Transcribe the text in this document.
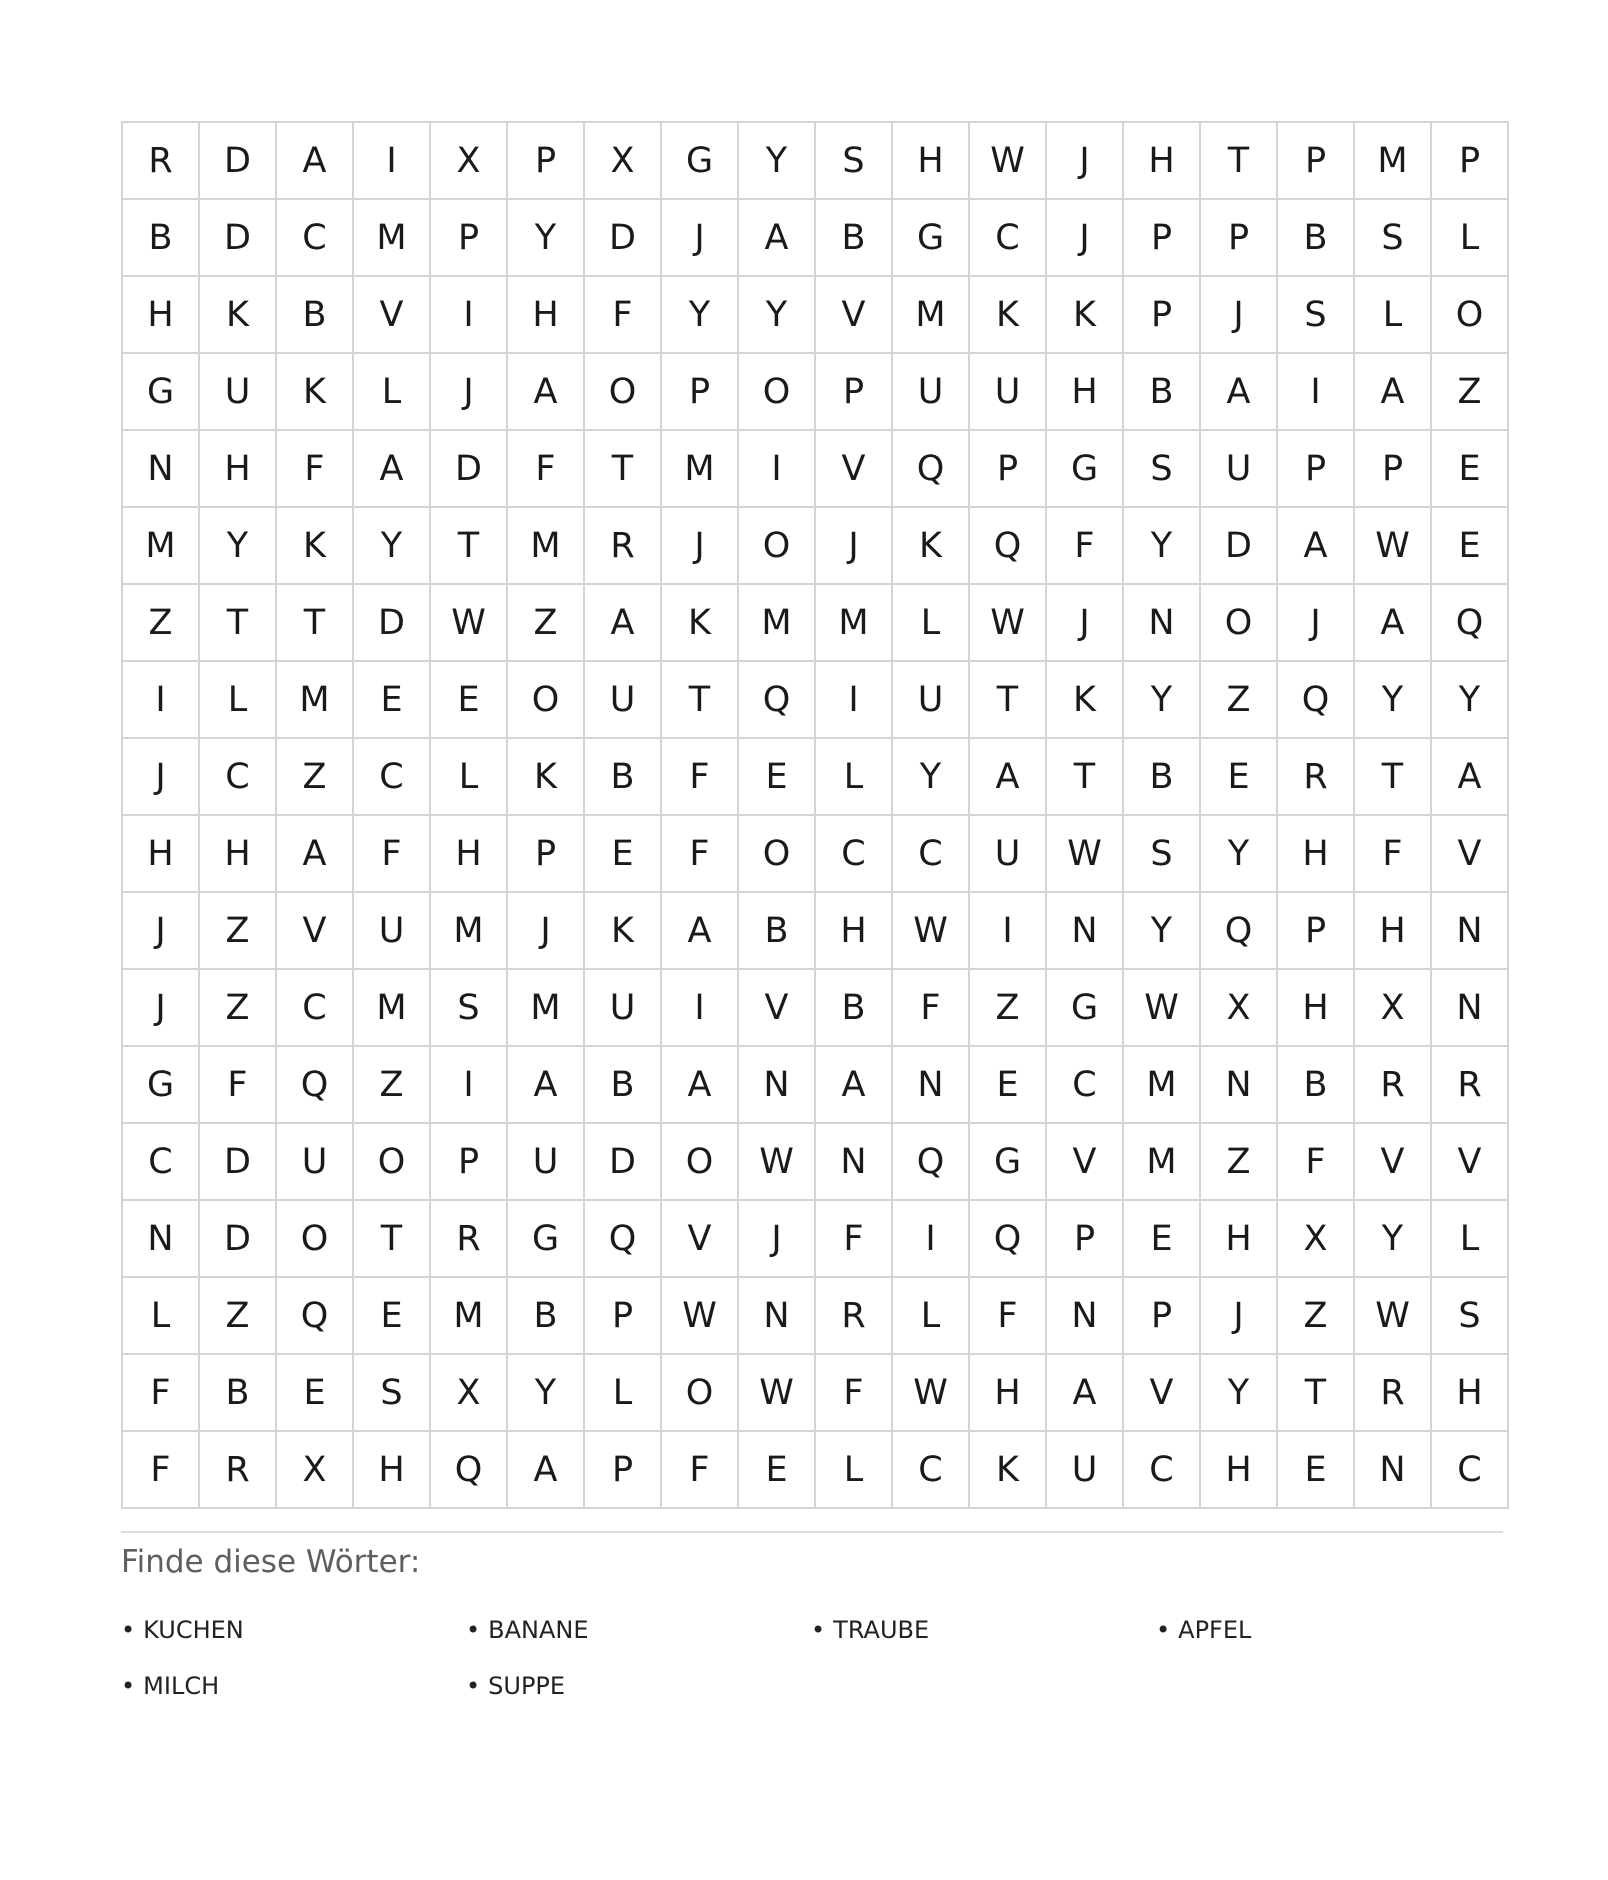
R	D	A	I	X	P	X	G	Y	S	H	W	J	H	T	P	M	P
B	D	C	M	P	Y	D	J	A	B	G	C	J	P	P	B	S	L
H	K	B	V	I	H	F	Y	Y	V	M	K	K	P	J	S	L	O
G	U	K	L	J	A	O	P	O	P	U	U	H	B	A	I	A	Z
N	H	F	A	D	F	T	M	I	V	Q	P	G	S	U	P	P	E
M	Y	K	Y	T	M	R	J	O	J	K	Q	F	Y	D	A	W	E
Z	T	T	D	W	Z	A	K	M	M	L	W	J	N	O	J	A	Q
I	L	M	E	E	O	U	T	Q	I	U	T	K	Y	Z	Q	Y	Y
J	C	Z	C	L	K	B	F	E	L	Y	A	T	B	E	R	T	A
H	H	A	F	H	P	E	F	O	C	C	U	W	S	Y	H	F	V
J	Z	V	U	M	J	K	A	B	H	W	I	N	Y	Q	P	H	N
J	Z	C	M	S	M	U	I	V	B	F	Z	G	W	X	H	X	N
G	F	Q	Z	I	A	B	A	N	A	N	E	C	M	N	B	R	R
C	D	U	O	P	U	D	O	W	N	Q	G	V	M	Z	F	V	V
N	D	O	T	R	G	Q	V	J	F	I	Q	P	E	H	X	Y	L
L	Z	Q	E	M	B	P	W	N	R	L	F	N	P	J	Z	W	S
F	B	E	S	X	Y	L	O	W	F	W	H	A	V	Y	T	R	H
F	R	X	H	Q	A	P	F	E	L	C	K	U	C	H	E	N	C
Finde diese Wörter:
• KUCHEN	• BANANE	• TRAUBE	• APFEL
• MILCH	• SUPPE
